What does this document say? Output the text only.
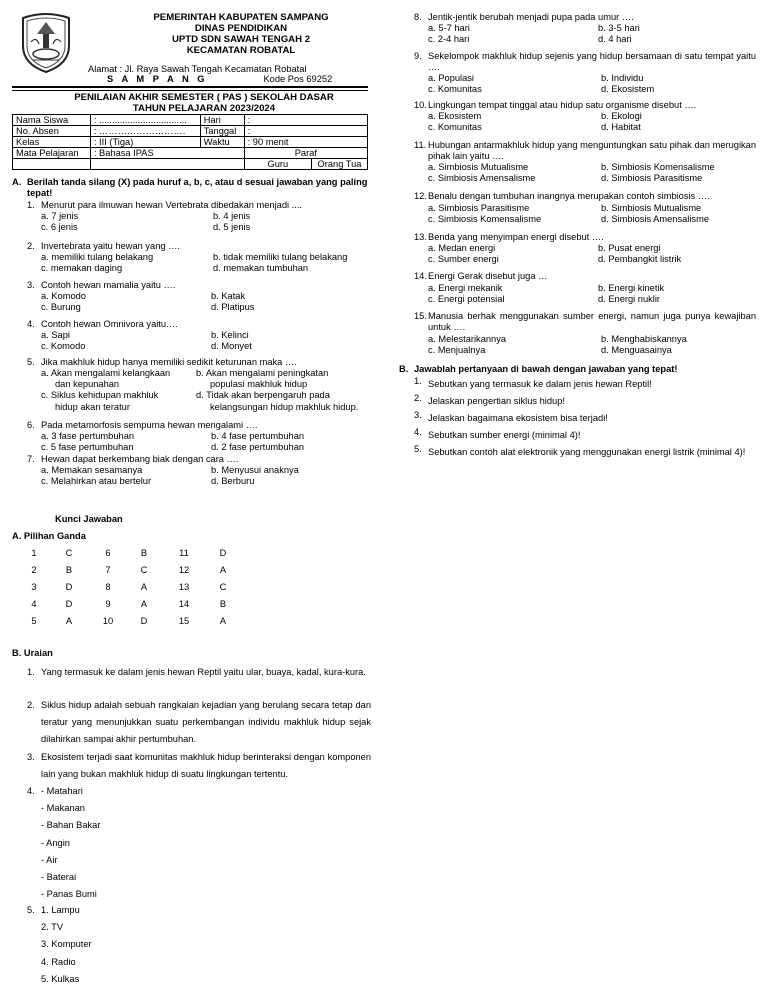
PEMERINTAH KABUPATEN SAMPANG
DINAS PENDIDIKAN
UPTD SDN SAWAH TENGAH 2
KECAMATAN ROBATAL
Alamat : Jl. Raya Sawah Tengah Kecamatan Robatal
S A M P A N G	Kode Pos 69252
PENILAIAN AKHIR SEMESTER ( PAS ) SEKOLAH DASAR
TAHUN PELAJARAN 2023/2024
Nama Siswa	: ..................................	Hari	:	
No. Absen	: ……………………….	Tanggal	:	
Kelas	: III (Tiga)	Waktu	: 90 menit	
Mata Pelajaran	: Bahasa IPAS		Paraf	
			Guru	Orang Tua
A. Berilah tanda silang (X) pada huruf a, b, c, atau d sesuai jawaban yang paling tepat!
Kunci Jawaban
A. Pilihan Ganda
B. Uraian
B. Jawablah pertanyaan di bawah dengan jawaban yang tepat!
1. Menurut para ilmuwan hewan Vertebrata dibedakan menjadi ....
a. 7 jenis	b. 4 jenis
c. 6 jenis	d. 5 jenis
2. Invertebrata yaitu hewan yang ….
a. memiliki tulang belakang	b. tidak memiliki tulang belakang
c. memakan daging	d. memakan tumbuhan
3. Contoh hewan mamalia yaitu ….
a. Komodo	b. Katak
c. Burung	d. Platipus
4. Contoh hewan Omnivora yaitu….
a. Sapi	b. Kelinci
c. Komodo	d. Monyet
5. Jika makhluk hidup hanya memiliki sedikit keturunan maka ….
a. Akan mengalami kelangkaan
dan kepunahan
b. Akan mengalami peningkatan
populasi makhluk hidup
c. Siklus kehidupan makhluk
hidup akan teratur
d. Tidak akan berpengaruh pada
kelangsungan hidup makhluk hidup.
6. Pada metamorfosis sempurna hewan mengalami ….
a. 3 fase pertumbuhan	b. 4 fase pertumbuhan
c. 5 fase pertumbuhan	d. 2 fase pertumbuhan
7. Hewan dapat berkembang biak dengan cara ….
a. Memakan sesamanya	b. Menyusui anaknya
c. Melahirkan atau bertelur	d. Berburu
8. Jentik-jentik berubah menjadi pupa pada umur ….
a. 5-7 hari	b. 3-5 hari
c. 2-4 hari	d. 4 hari
9. Sekelompok makhluk hidup sejenis yang hidup bersamaan di satu tempat yaitu ….
a. Populasi	b. Individu
c. Komunitas	d. Ekosistem
10. Lingkungan tempat tinggal atau hidup satu organisme disebut ….
a. Ekosistem	b. Ekologi
c. Komunitas	d. Habitat
11. Hubungan antarmakhluk hidup yang menguntungkan satu pihak dan merugikan pihak lain yaitu ….
a. Simbiosis Mutualisme	b. Simbiosis Komensalisme
c. Simbiosis Amensalisme	d. Simbiosis Parasitisme
12. Benalu dengan tumbuhan inangnya merupakan contoh simbiosis ….
a. Simbiosis Parasitisme	b. Simbiosis Mutualisme
c. Simbiosis Komensalisme	d. Simbiosis Amensalisme
13. Benda yang menyimpan energi disebut ….
a. Medan energi	b. Pusat energi
c. Sumber energi	d. Pembangkit listrik
14. Energi Gerak disebut juga …
a. Energi mekanik	b. Energi kinetik
c. Energi potensial	d. Energi nuklir
15. Manusia berhak menggunakan sumber energi, namun juga punya kewajiban untuk ….
a. Melestarikannya	b. Menghabiskannya
c. Menjualnya	d. Menguasainya
1. Sebutkan yang termasuk ke dalam jenis hewan Reptil!
2. Jelaskan pengertian siklus hidup!
3. Jelaskan bagaimana ekosistem bisa terjadi!
4. Sebutkan sumber energi (minimal 4)!
5. Sebutkan contoh alat elektronik yang menggunakan energi listrik (minimal 4)!
1	C	6	B	11	D
2	B	7	C	12	A
3	D	8	A	13	C
4	D	9	A	14	B
5	A	10	D	15	A
1. Yang termasuk ke dalam jenis hewan Reptil yaitu ular, buaya, kadal, kura-kura.
2. Siklus hidup adalah sebuah rangkaian kejadian yang berulang secara tetap dan teratur yang menunjukkan suatu perkembangan individu makhluk hidup sejak dilahirkan sampai akhir pertumbuhan.
3. Ekosistem terjadi saat komunitas makhluk hidup berinteraksi dengan komponen lain yang bukan makhluk hidup di suatu lingkungan tertentu.
4. - Matahari
- Makanan
- Bahan Bakar
- Angin
- Air
- Baterai
- Panas Bumi
5. 1. Lampu
2. TV
3. Komputer
4. Radio
5. Kulkas
